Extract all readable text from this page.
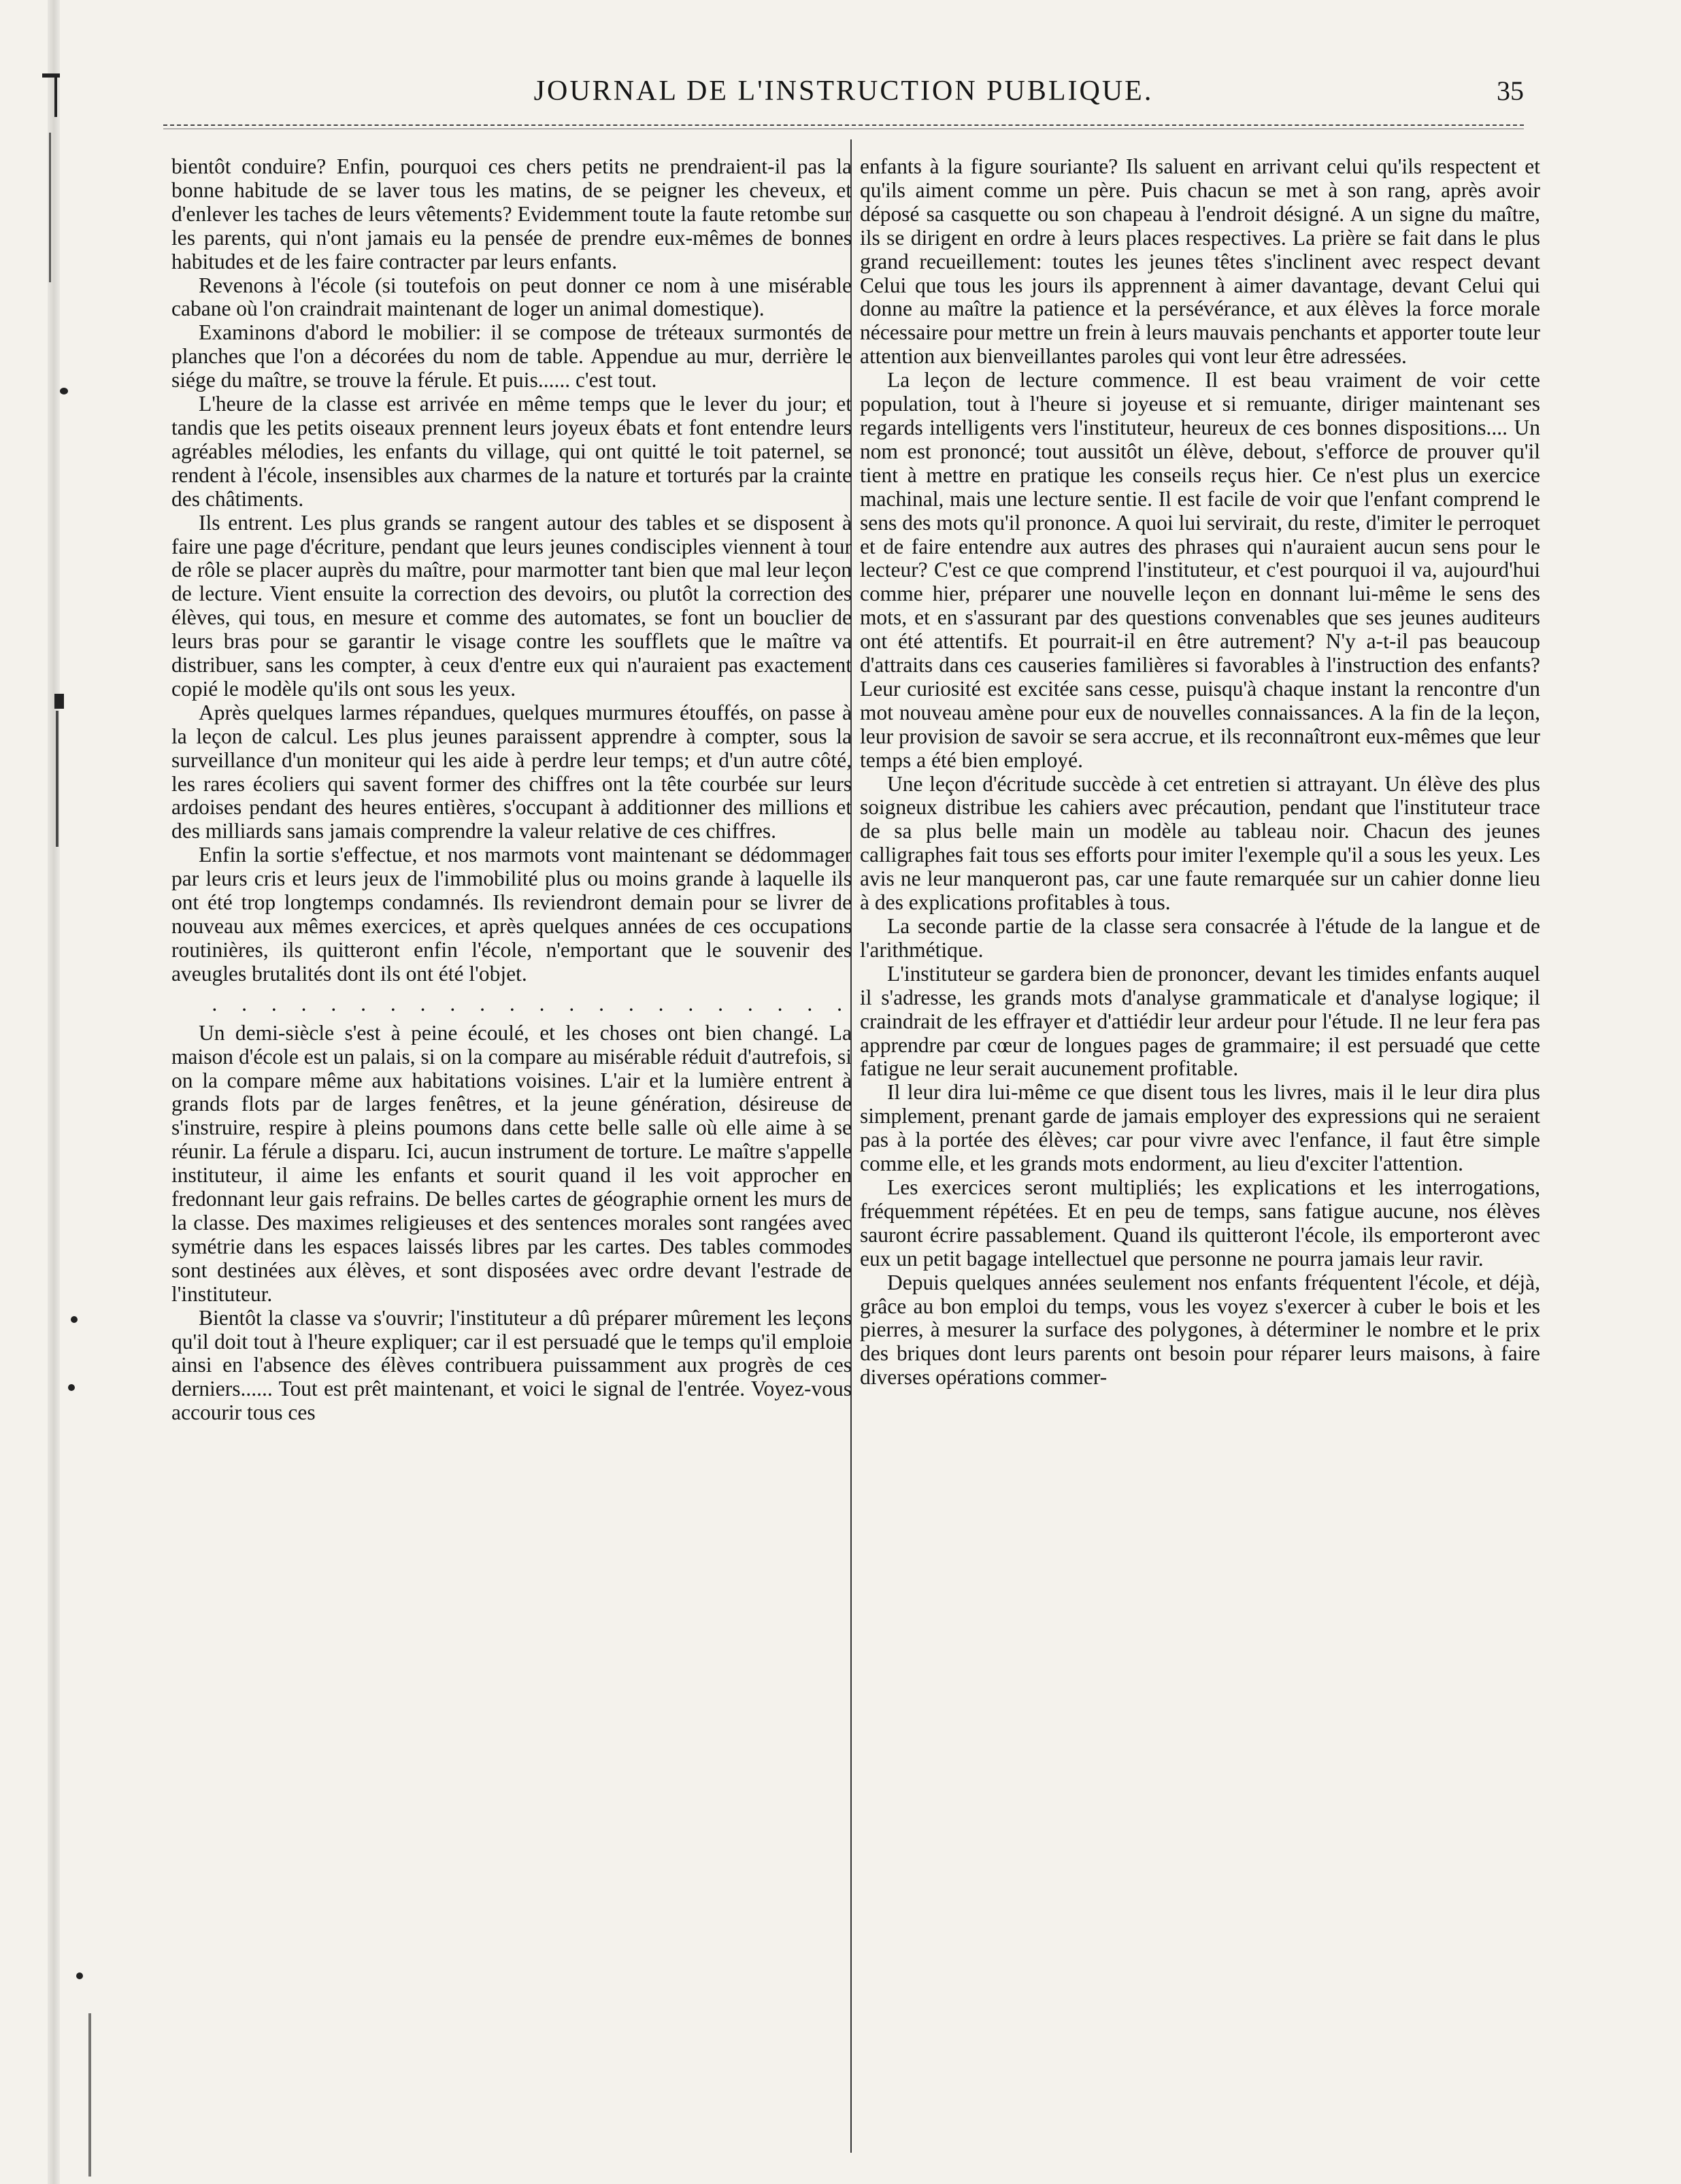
JOURNAL DE L'INSTRUCTION PUBLIQUE.	35

bientôt conduire? Enfin, pourquoi ces chers petits ne prendraient-il pas la bonne habitude de se laver tous les matins, de se peigner les cheveux, et d'enlever les taches de leurs vêtements? Evidemment toute la faute retombe sur les parents, qui n'ont jamais eu la pensée de prendre eux-mêmes de bonnes habitudes et de les faire contracter par leurs enfants.

Revenons à l'école (si toutefois on peut donner ce nom à une misérable cabane où l'on craindrait maintenant de loger un animal domestique).

Examinons d'abord le mobilier: il se compose de tréteaux surmontés de planches que l'on a décorées du nom de table. Appendue au mur, derrière le siége du maître, se trouve la férule. Et puis...... c'est tout.

L'heure de la classe est arrivée en même temps que le lever du jour; et tandis que les petits oiseaux prennent leurs joyeux ébats et font entendre leurs agréables mélodies, les enfants du village, qui ont quitté le toit paternel, se rendent à l'école, insensibles aux charmes de la nature et torturés par la crainte des châtiments.

Ils entrent. Les plus grands se rangent autour des tables et se disposent à faire une page d'écriture, pendant que leurs jeunes condisciples viennent à tour de rôle se placer auprès du maître, pour marmotter tant bien que mal leur leçon de lecture. Vient ensuite la correction des devoirs, ou plutôt la correction des élèves, qui tous, en mesure et comme des automates, se font un bouclier de leurs bras pour se garantir le visage contre les soufflets que le maître va distribuer, sans les compter, à ceux d'entre eux qui n'auraient pas exactement copié le modèle qu'ils ont sous les yeux.

Après quelques larmes répandues, quelques murmures étouffés, on passe à la leçon de calcul. Les plus jeunes paraissent apprendre à compter, sous la surveillance d'un moniteur qui les aide à perdre leur temps; et d'un autre côté, les rares écoliers qui savent former des chiffres ont la tête courbée sur leurs ardoises pendant des heures entières, s'occupant à additionner des millions et des milliards sans jamais comprendre la valeur relative de ces chiffres.

Enfin la sortie s'effectue, et nos marmots vont maintenant se dédommager par leurs cris et leurs jeux de l'immobilité plus ou moins grande à laquelle ils ont été trop longtemps condamnés. Ils reviendront demain pour se livrer de nouveau aux mêmes exercices, et après quelques années de ces occupations routinières, ils quitteront enfin l'école, n'emportant que le souvenir des aveugles brutalités dont ils ont été l'objet.

. . . . . . . . . . . . . . . . . . . . . .

Un demi-siècle s'est à peine écoulé, et les choses ont bien changé. La maison d'école est un palais, si on la compare au misérable réduit d'autrefois, si on la compare même aux habitations voisines. L'air et la lumière entrent à grands flots par de larges fenêtres, et la jeune génération, désireuse de s'instruire, respire à pleins poumons dans cette belle salle où elle aime à se réunir. La férule a disparu. Ici, aucun instrument de torture. Le maître s'appelle instituteur, il aime les enfants et sourit quand il les voit approcher en fredonnant leur gais refrains. De belles cartes de géographie ornent les murs de la classe. Des maximes religieuses et des sentences morales sont rangées avec symétrie dans les espaces laissés libres par les cartes. Des tables commodes sont destinées aux élèves, et sont disposées avec ordre devant l'estrade de l'instituteur.

Bientôt la classe va s'ouvrir; l'instituteur a dû préparer mûrement les leçons qu'il doit tout à l'heure expliquer; car il est persuadé que le temps qu'il emploie ainsi en l'absence des élèves contribuera puissamment aux progrès de ces derniers...... Tout est prêt maintenant, et voici le signal de l'entrée. Voyez-vous accourir tous ces

enfants à la figure souriante? Ils saluent en arrivant celui qu'ils respectent et qu'ils aiment comme un père. Puis chacun se met à son rang, après avoir déposé sa casquette ou son chapeau à l'endroit désigné. A un signe du maître, ils se dirigent en ordre à leurs places respectives. La prière se fait dans le plus grand recueillement: toutes les jeunes têtes s'inclinent avec respect devant Celui que tous les jours ils apprennent à aimer davantage, devant Celui qui donne au maître la patience et la persévérance, et aux élèves la force morale nécessaire pour mettre un frein à leurs mauvais penchants et apporter toute leur attention aux bienveillantes paroles qui vont leur être adressées.

La leçon de lecture commence. Il est beau vraiment de voir cette population, tout à l'heure si joyeuse et si remuante, diriger maintenant ses regards intelligents vers l'instituteur, heureux de ces bonnes dispositions.... Un nom est prononcé; tout aussitôt un élève, debout, s'efforce de prouver qu'il tient à mettre en pratique les conseils reçus hier. Ce n'est plus un exercice machinal, mais une lecture sentie. Il est facile de voir que l'enfant comprend le sens des mots qu'il prononce. A quoi lui servirait, du reste, d'imiter le perroquet et de faire entendre aux autres des phrases qui n'auraient aucun sens pour le lecteur? C'est ce que comprend l'instituteur, et c'est pourquoi il va, aujourd'hui comme hier, préparer une nouvelle leçon en donnant lui-même le sens des mots, et en s'assurant par des questions convenables que ses jeunes auditeurs ont été attentifs. Et pourrait-il en être autrement? N'y a-t-il pas beaucoup d'attraits dans ces causeries familières si favorables à l'instruction des enfants? Leur curiosité est excitée sans cesse, puisqu'à chaque instant la rencontre d'un mot nouveau amène pour eux de nouvelles connaissances. A la fin de la leçon, leur provision de savoir se sera accrue, et ils reconnaîtront eux-mêmes que leur temps a été bien employé.

Une leçon d'écritude succède à cet entretien si attrayant. Un élève des plus soigneux distribue les cahiers avec précaution, pendant que l'instituteur trace de sa plus belle main un modèle au tableau noir. Chacun des jeunes calligraphes fait tous ses efforts pour imiter l'exemple qu'il a sous les yeux. Les avis ne leur manqueront pas, car une faute remarquée sur un cahier donne lieu à des explications profitables à tous.

La seconde partie de la classe sera consacrée à l'étude de la langue et de l'arithmétique.

L'instituteur se gardera bien de prononcer, devant les timides enfants auquel il s'adresse, les grands mots d'analyse grammaticale et d'analyse logique; il craindrait de les effrayer et d'attiédir leur ardeur pour l'étude. Il ne leur fera pas apprendre par cœur de longues pages de grammaire; il est persuadé que cette fatigue ne leur serait aucunement profitable.

Il leur dira lui-même ce que disent tous les livres, mais il le leur dira plus simplement, prenant garde de jamais employer des expressions qui ne seraient pas à la portée des élèves; car pour vivre avec l'enfance, il faut être simple comme elle, et les grands mots endorment, au lieu d'exciter l'attention.

Les exercices seront multipliés; les explications et les interrogations, fréquemment répétées. Et en peu de temps, sans fatigue aucune, nos élèves sauront écrire passablement. Quand ils quitteront l'école, ils emporteront avec eux un petit bagage intellectuel que personne ne pourra jamais leur ravir.

Depuis quelques années seulement nos enfants fréquentent l'école, et déjà, grâce au bon emploi du temps, vous les voyez s'exercer à cuber le bois et les pierres, à mesurer la surface des polygones, à déterminer le nombre et le prix des briques dont leurs parents ont besoin pour réparer leurs maisons, à faire diverses opérations commer-
